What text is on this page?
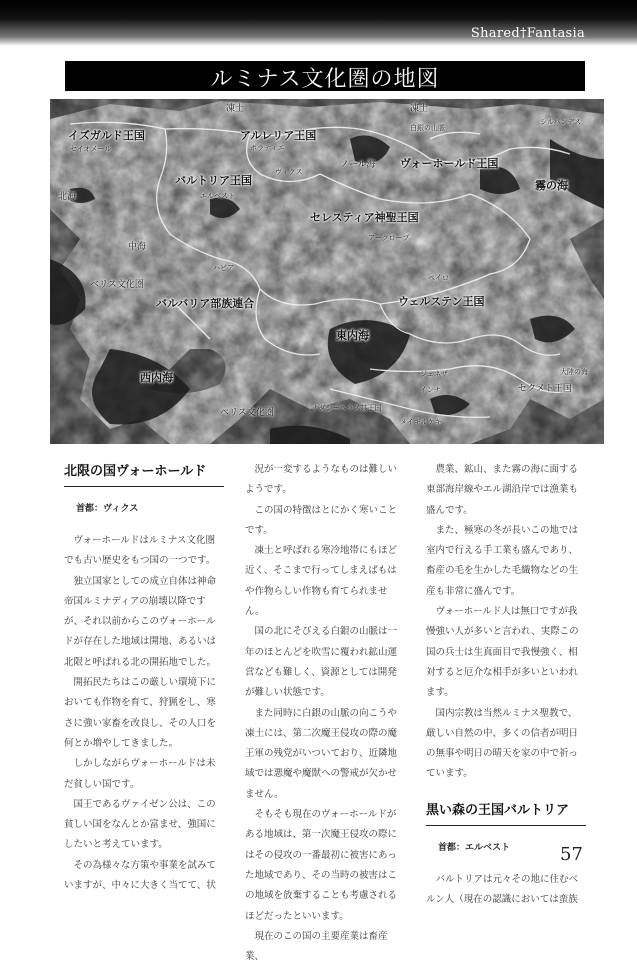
Shared†Fantasia
ルミナス文化圏の地図
凍土	凍土
イズガルド王国
セイオメール
白銀の山脈
シルバンデス
アルレリア王国
ボラティエ
ヴィクス
ノール海 ヴォーホールド王国
霧の海
バルトリア王国
エルベスト
北海
セレスティア神聖王国
アークロープ
中海
ハビア
ベリス文化圏
ペイロ
ウェルステン王国
バルバリア部族連合
東内海
西内海	ジェネザ
インナ	セクメト王国
大陸の海
ペリス文化圏	ナダシーヘラス共王国
メイギルケキ
北限の国ヴォーホールド
首都：ヴィクス

ヴォーホールドはルミナス文化圏でも古い歴史をもつ国の一つです。

独立国家としての成立自体は神命帝国ルミナディアの崩壊以降ですが、それ以前からこのヴォーホールドが存在した地域は開地、あるいは北限と呼ばれる北の開拓地でした。

開拓民たちはこの厳しい環境下においても作物を育て、狩猟をし、寒さに強い家畜を改良し、その人口を何とか増やしてきました。

しかしながらヴォーホールドは未だ貧しい国です。

国王であるヴァイゼン公は、この貧しい国をなんとか富ませ、強国にしたいと考えています。

その為様々な方策や事業を試みていますが、中々に大きく当てて、状

況が一変するようなものは難しいようです。

この国の特徴はとにかく寒いことです。

凍土と呼ばれる寒冷地帯にもほど近く、そこまで行ってしまえばもはや作物らしい作物も育てられません。

国の北にそびえる白銀の山脈は一年のほとんどを吹雪に覆われ鉱山運営なども難しく、資源としては開発が難しい状態です。

また同時に白銀の山脈の向こうや凍土には、第二次魔王侵攻の際の魔王軍の残党がいついており、近隣地域では悪魔や魔獣への警戒が欠かせません。

そもそも現在のヴォーホールドがある地域は、第一次魔王侵攻の際にはその侵攻の一番最初に被害にあった地域であり、その当時の被害はこの地域を放棄することも考慮されるほどだったといいます。

現在のこの国の主要産業は畜産業、

農業、鉱山、また霧の海に面する東部海岸線やエル湖沿岸では漁業も盛んです。

また、極寒の冬が長いこの地では室内で行える手工業も盛んであり、畜産の毛を生かした毛織物などの生産も非常に盛んです。

ヴォーホールド人は無口ですが我慢強い人が多いと言われ、実際この国の兵士は生真面目で我慢強く、相対すると厄介な相手が多いといわれます。

国内宗教は当然ルミナス聖教で、厳しい自然の中、多くの信者が明日の無事や明日の晴天を家の中で祈っています。

黒い森の王国バルトリア
首都：エルベスト

バルトリアは元々その地に住むベルン人（現在の認識においては蛮族

57
